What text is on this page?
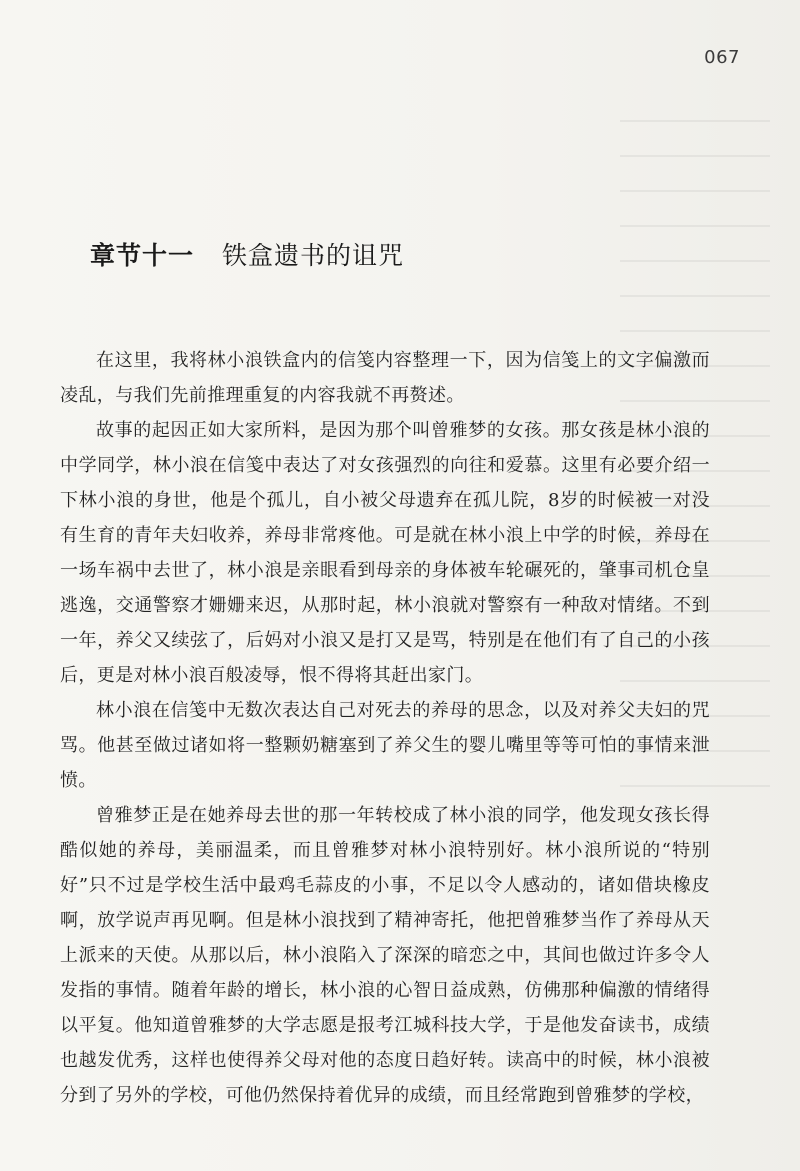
067
章节十一 铁盒遗书的诅咒

在这里，我将林小浪铁盒内的信笺内容整理一下，因为信笺上的文字偏激而凌乱，与我们先前推理重复的内容我就不再赘述。

故事的起因正如大家所料，是因为那个叫曾雅梦的女孩。那女孩是林小浪的中学同学，林小浪在信笺中表达了对女孩强烈的向往和爱慕。这里有必要介绍一下林小浪的身世，他是个孤儿，自小被父母遗弃在孤儿院，8岁的时候被一对没有生育的青年夫妇收养，养母非常疼他。可是就在林小浪上中学的时候，养母在一场车祸中去世了，林小浪是亲眼看到母亲的身体被车轮碾死的，肇事司机仓皇逃逸，交通警察才姗姗来迟，从那时起，林小浪就对警察有一种敌对情绪。不到一年，养父又续弦了，后妈对小浪又是打又是骂，特别是在他们有了自己的小孩后，更是对林小浪百般凌辱，恨不得将其赶出家门。

林小浪在信笺中无数次表达自己对死去的养母的思念，以及对养父夫妇的咒骂。他甚至做过诸如将一整颗奶糖塞到了养父生的婴儿嘴里等等可怕的事情来泄愤。

曾雅梦正是在她养母去世的那一年转校成了林小浪的同学，他发现女孩长得酷似她的养母，美丽温柔，而且曾雅梦对林小浪特别好。林小浪所说的“特别好”只不过是学校生活中最鸡毛蒜皮的小事，不足以令人感动的，诸如借块橡皮啊，放学说声再见啊。但是林小浪找到了精神寄托，他把曾雅梦当作了养母从天上派来的天使。从那以后，林小浪陷入了深深的暗恋之中，其间也做过许多令人发指的事情。随着年龄的增长，林小浪的心智日益成熟，仿佛那种偏激的情绪得以平复。他知道曾雅梦的大学志愿是报考江城科技大学，于是他发奋读书，成绩也越发优秀，这样也使得养父母对他的态度日趋好转。读高中的时候，林小浪被分到了另外的学校，可他仍然保持着优异的成绩，而且经常跑到曾雅梦的学校，
